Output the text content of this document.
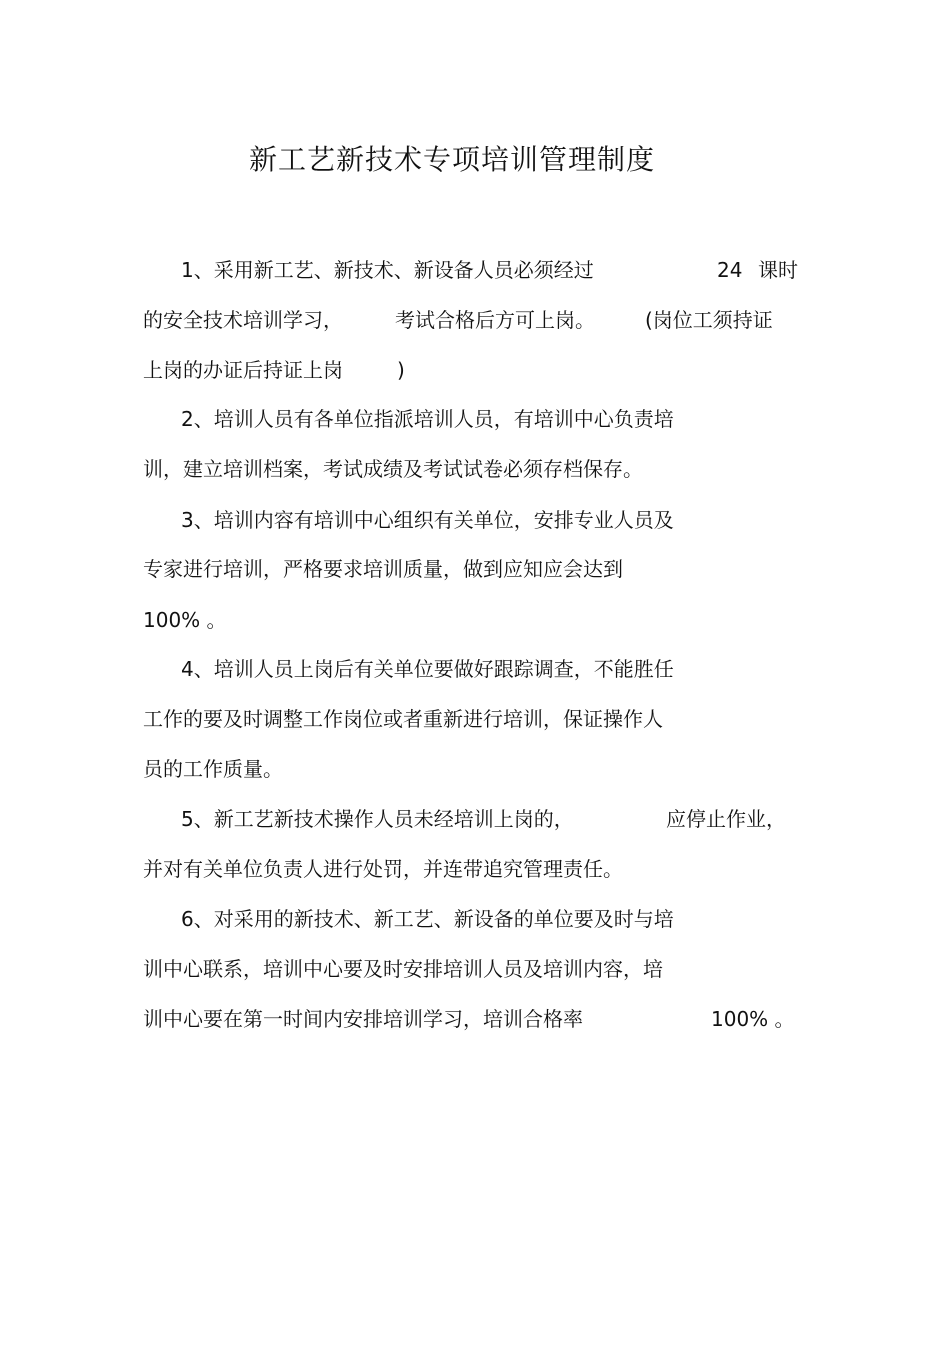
新工艺新技术专项培训管理制度
1、采用新工艺、新技术、新设备人员必须经过	24 课时
的安全技术培训学习，	考试合格后方可上岗。	(岗位工须持证
上岗的办证后持证上岗	)
2、培训人员有各单位指派培训人员，有培训中心负责培
训，建立培训档案，考试成绩及考试试卷必须存档保存。
3、培训内容有培训中心组织有关单位，安排专业人员及
专家进行培训，严格要求培训质量，做到应知应会达到
100% 。
4、培训人员上岗后有关单位要做好跟踪调查，不能胜任
工作的要及时调整工作岗位或者重新进行培训，保证操作人
员的工作质量。
5、新工艺新技术操作人员未经培训上岗的，	应停止作业，
并对有关单位负责人进行处罚，并连带追究管理责任。
6、对采用的新技术、新工艺、新设备的单位要及时与培
训中心联系，培训中心要及时安排培训人员及培训内容，培
训中心要在第一时间内安排培训学习，培训合格率	100% 。
